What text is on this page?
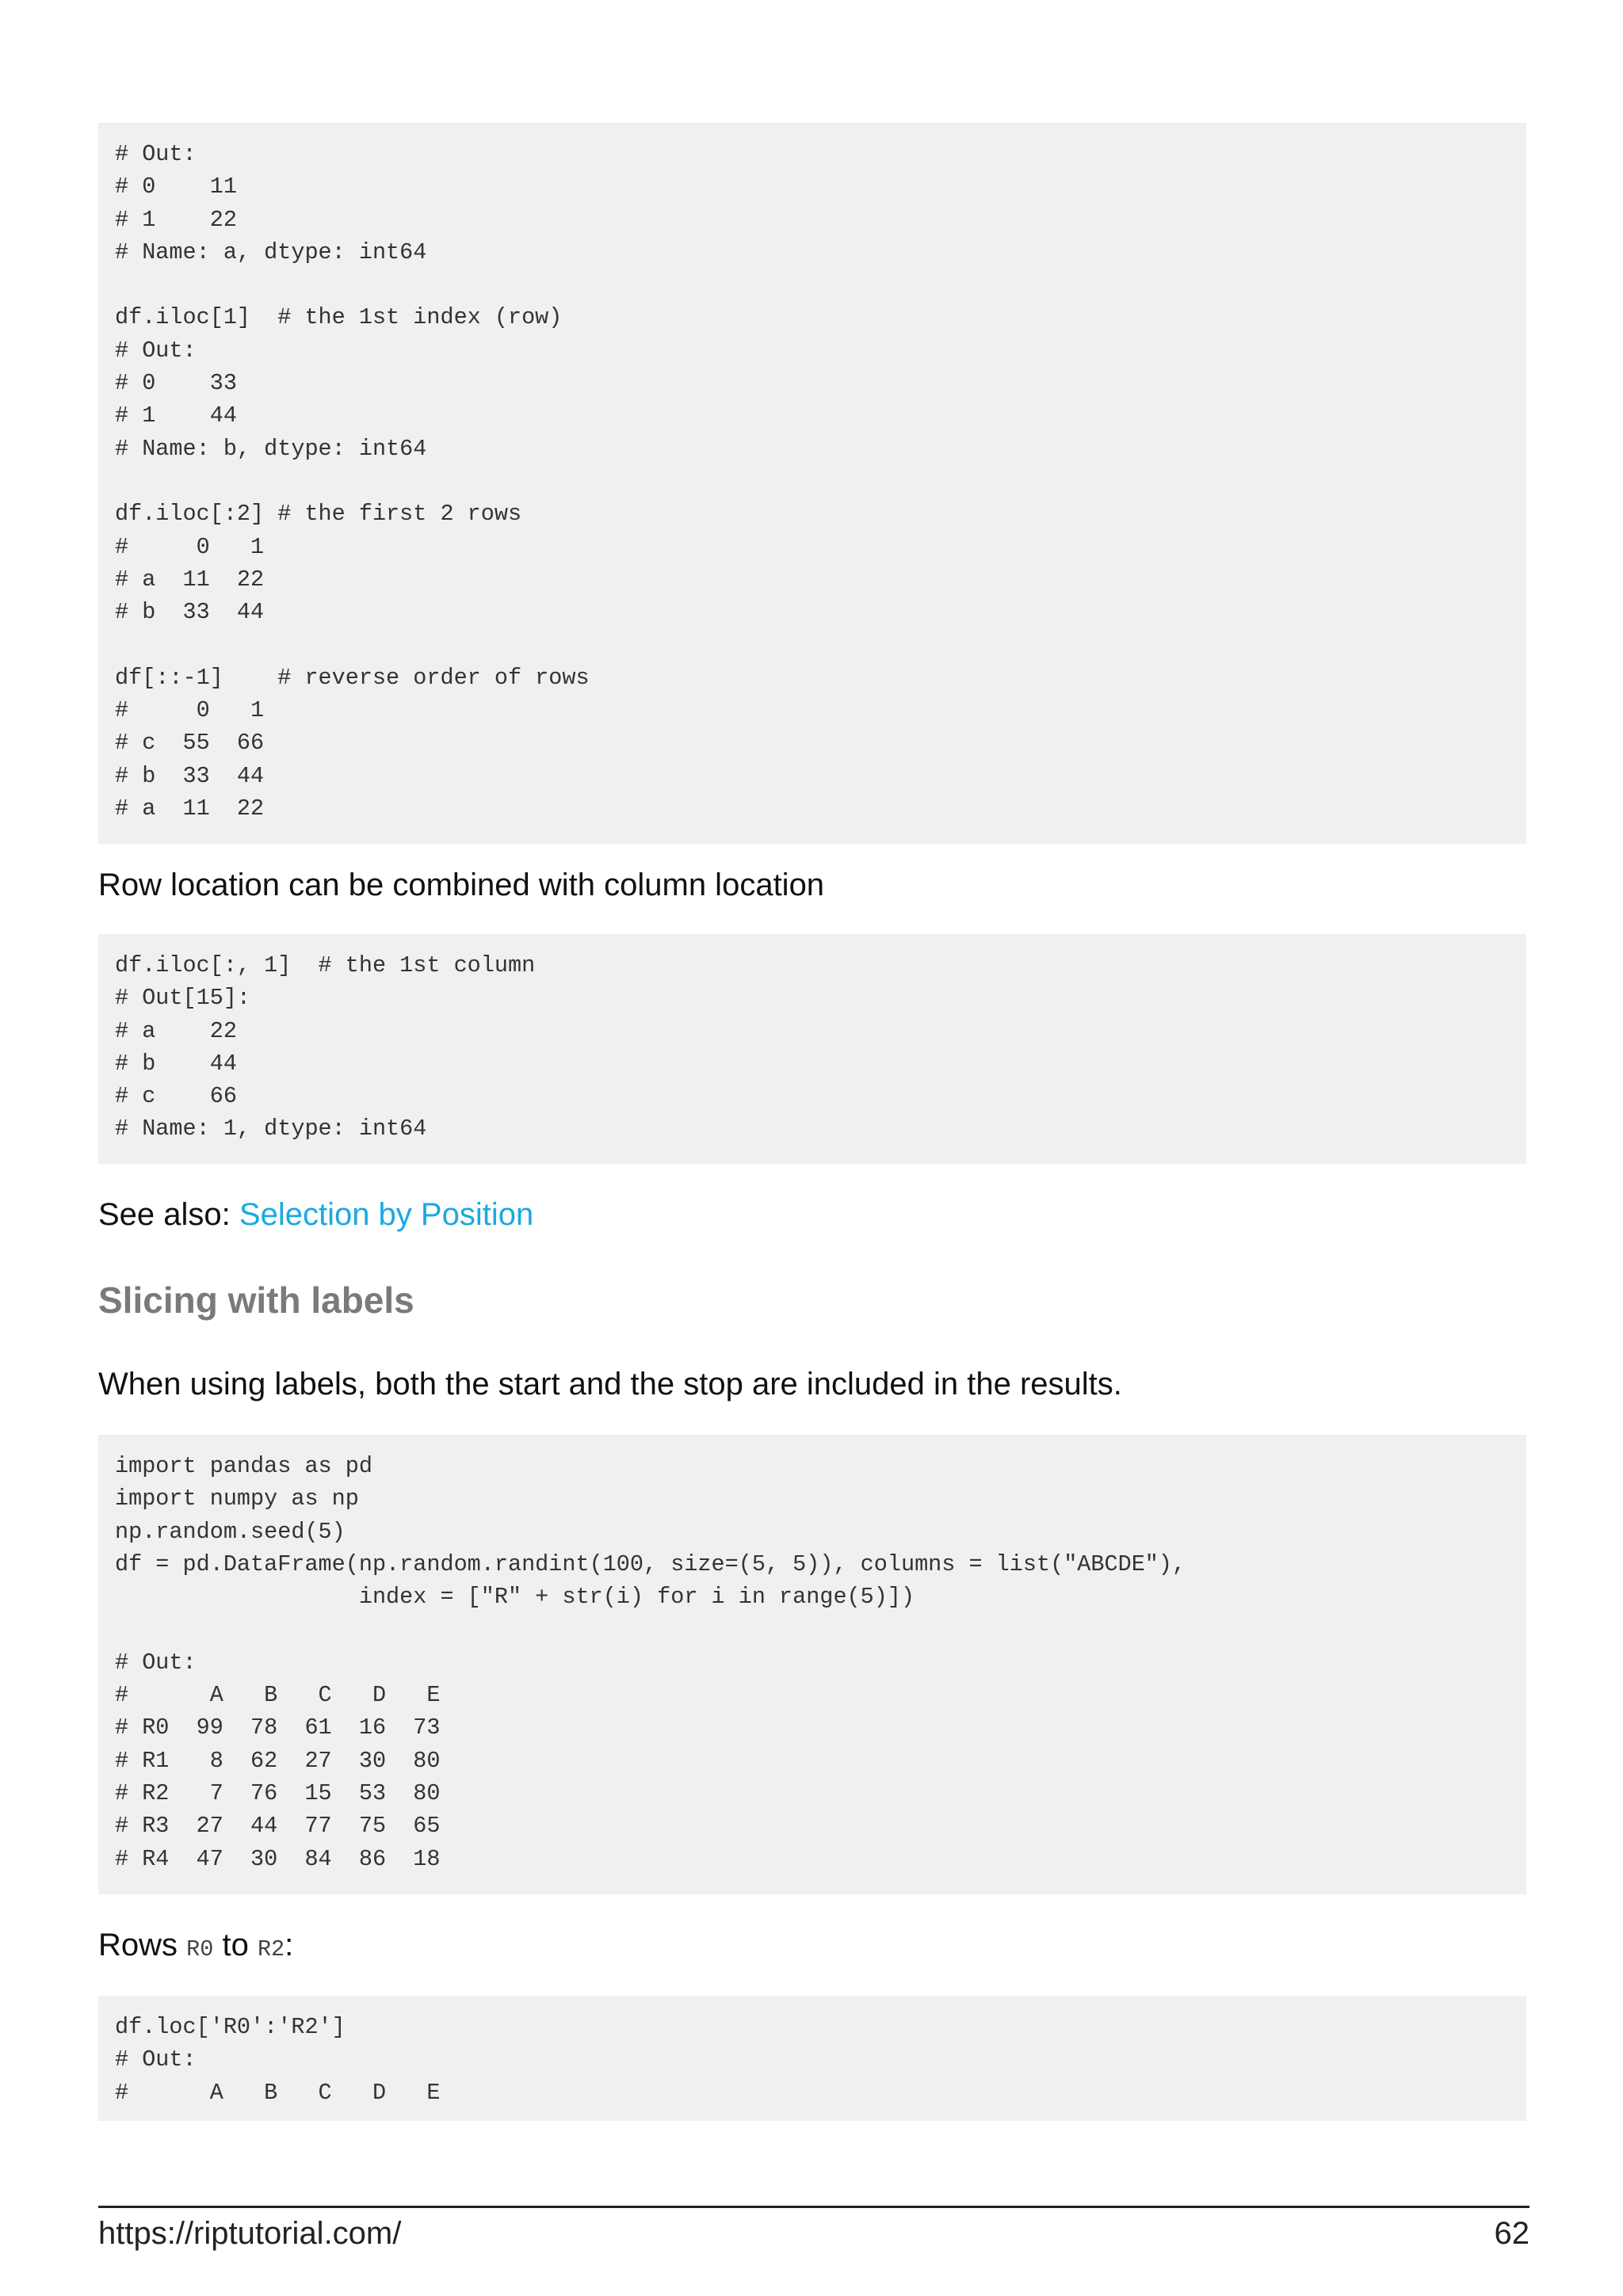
# Out:
# 0    11
# 1    22
# Name: a, dtype: int64

df.iloc[1]  # the 1st index (row)
# Out:
# 0    33
# 1    44
# Name: b, dtype: int64

df.iloc[:2] # the first 2 rows
#     0   1
# a  11  22
# b  33  44

df[::-1]    # reverse order of rows
#     0   1
# c  55  66
# b  33  44
# a  11  22

Row location can be combined with column location

df.iloc[:, 1]  # the 1st column
# Out[15]:
# a    22
# b    44
# c    66
# Name: 1, dtype: int64

See also: Selection by Position

Slicing with labels

When using labels, both the start and the stop are included in the results.

import pandas as pd
import numpy as np
np.random.seed(5)
df = pd.DataFrame(np.random.randint(100, size=(5, 5)), columns = list("ABCDE"),
index = ["R" + str(i) for i in range(5)])

# Out:
#      A   B   C   D   E
# R0  99  78  61  16  73
# R1   8  62  27  30  80
# R2   7  76  15  53  80
# R3  27  44  77  75  65
# R4  47  30  84  86  18

Rows R0 to R2:

df.loc['R0':'R2']
# Out:
#      A   B   C   D   E
https://riptutorial.com/	62
